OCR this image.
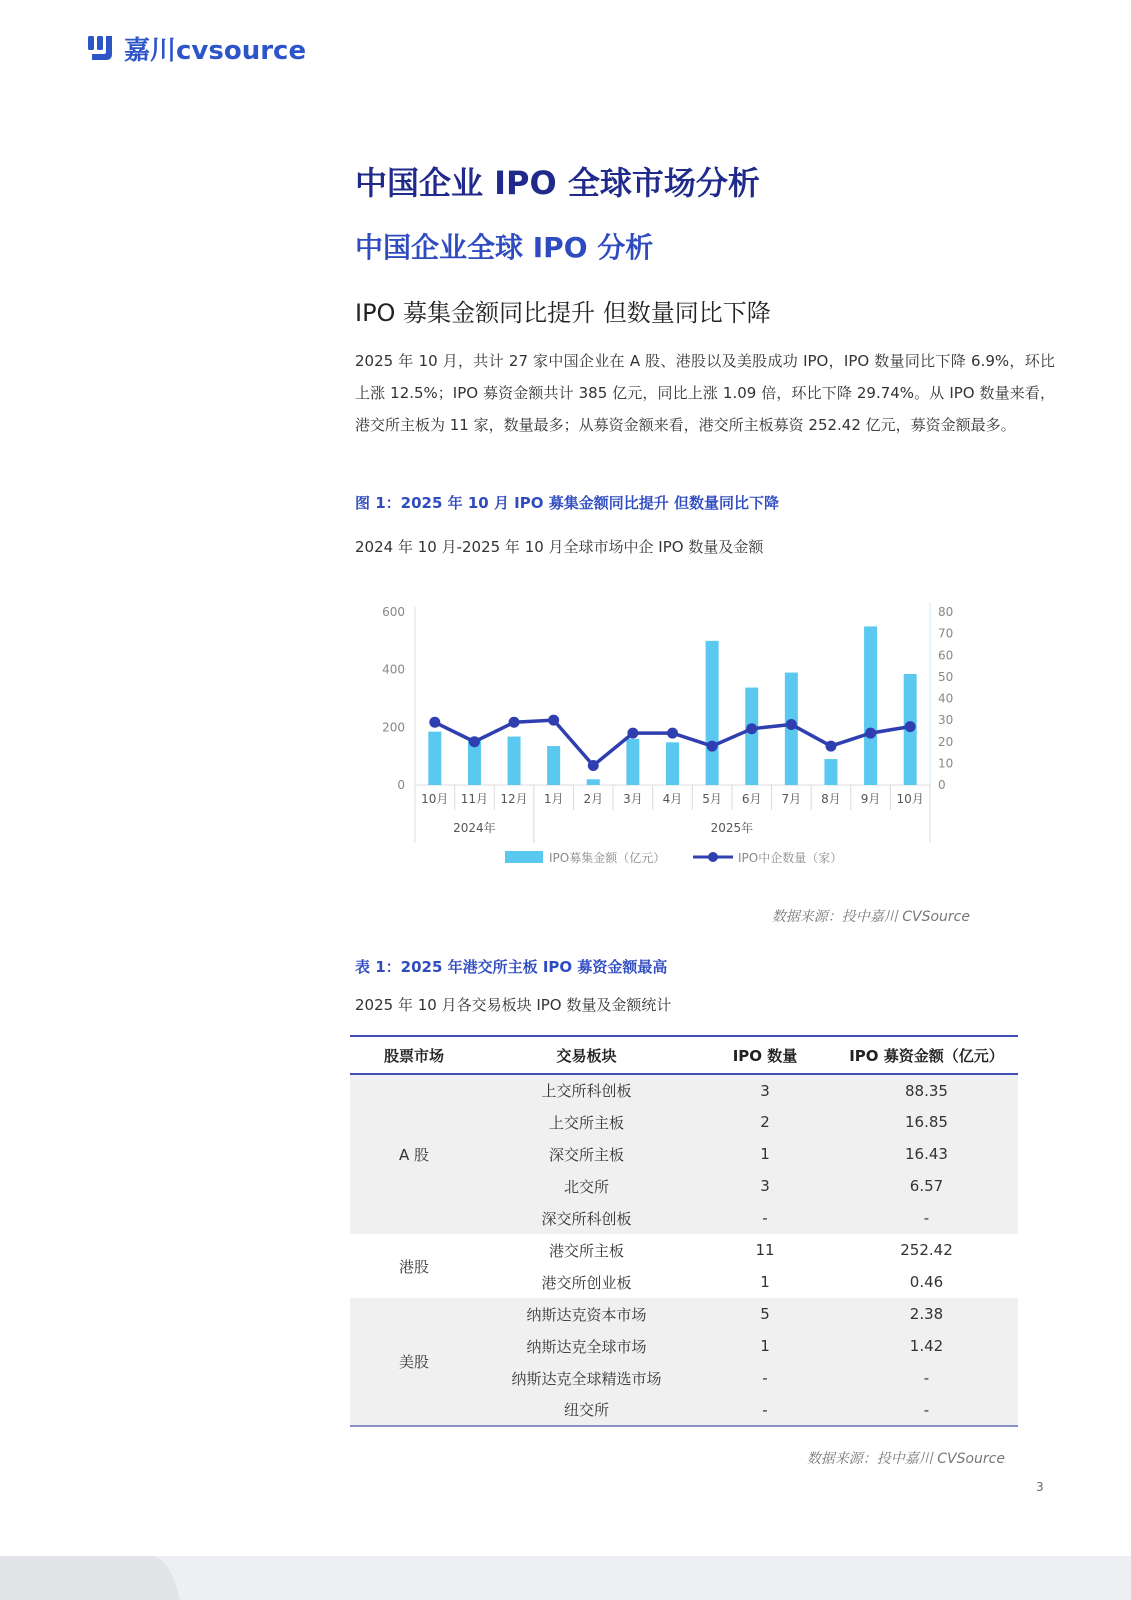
嘉川cvsource
中国企业 IPO 全球市场分析
中国企业全球 IPO 分析
IPO 募集金额同比提升 但数量同比下降
2025 年 10 月，共计 27 家中国企业在 A 股、港股以及美股成功 IPO，IPO 数量同比下降 6.9%，环比上涨 12.5%；IPO 募资金额共计 385 亿元，同比上涨 1.09 倍，环比下降 29.74%。从 IPO 数量来看，港交所主板为 11 家，数量最多；从募资金额来看，港交所主板募资 252.42 亿元，募资金额最多。
图 1：2025 年 10 月 IPO 募集金额同比提升 但数量同比下降
2024 年 10 月-2025 年 10 月全球市场中企 IPO 数量及金额
0
200
400
600
0
10
20
30
40
50
60
70
80
10月 11月 12月 1月 2月 3月 4月 5月 6月 7月 8月 9月 10月
2024年	2025年
IPO募集金额（亿元）	IPO中企数量（家）
数据来源：投中嘉川 CVSource
表 1：2025 年港交所主板 IPO 募资金额最高
2025 年 10 月各交易板块 IPO 数量及金额统计
股票市场	交易板块	IPO 数量	IPO 募资金额（亿元）
A 股	上交所科创板	3	88.35
	上交所主板	2	16.85
	深交所主板	1	16.43
	北交所	3	6.57
	深交所科创板	-	-
港股	港交所主板	11	252.42
	港交所创业板	1	0.46
美股	纳斯达克资本市场	5	2.38
	纳斯达克全球市场	1	1.42
	纳斯达克全球精选市场	-	-
	纽交所	-	-
数据来源：投中嘉川 CVSource
3
